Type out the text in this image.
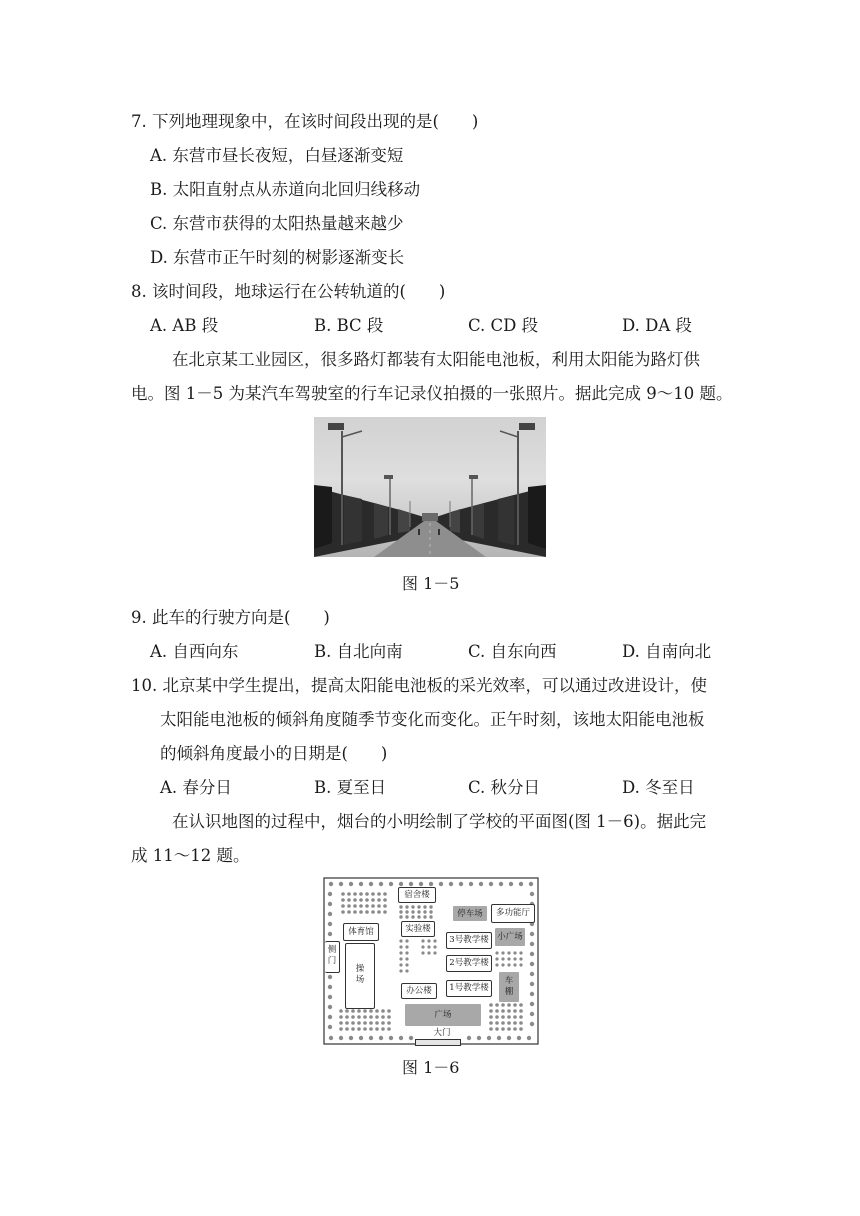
7. 下列地理现象中，在该时间段出现的是(　　)
A. 东营市昼长夜短，白昼逐渐变短
B. 太阳直射点从赤道向北回归线移动
C. 东营市获得的太阳热量越来越少
D. 东营市正午时刻的树影逐渐变长
8. 该时间段，地球运行在公转轨道的(　　)
A. AB 段	B. BC 段	C. CD 段	D. DA 段
在北京某工业园区，很多路灯都装有太阳能电池板，利用太阳能为路灯供
电。图 1－5 为某汽车驾驶室的行车记录仪拍摄的一张照片。据此完成 9～10 题。
图 1－5
9. 此车的行驶方向是(　　)
A. 自西向东	B. 自北向南	C. 自东向西	D. 自南向北
10. 北京某中学生提出，提高太阳能电池板的采光效率，可以通过改进设计，使
太阳能电池板的倾斜角度随季节变化而变化。正午时刻，该地太阳能电池板
的倾斜角度最小的日期是(　　)
A. 春分日	B. 夏至日	C. 秋分日	D. 冬至日
在认识地图的过程中，烟台的小明绘制了学校的平面图(图 1－6)。据此完
成 11～12 题。
宿舍楼
停车场	多功能厅
体育馆	实验楼
3号教学楼 小广场
侧门
操场
2号教学楼
车棚
办公楼	1号教学楼
广场
大门
图 1－6
